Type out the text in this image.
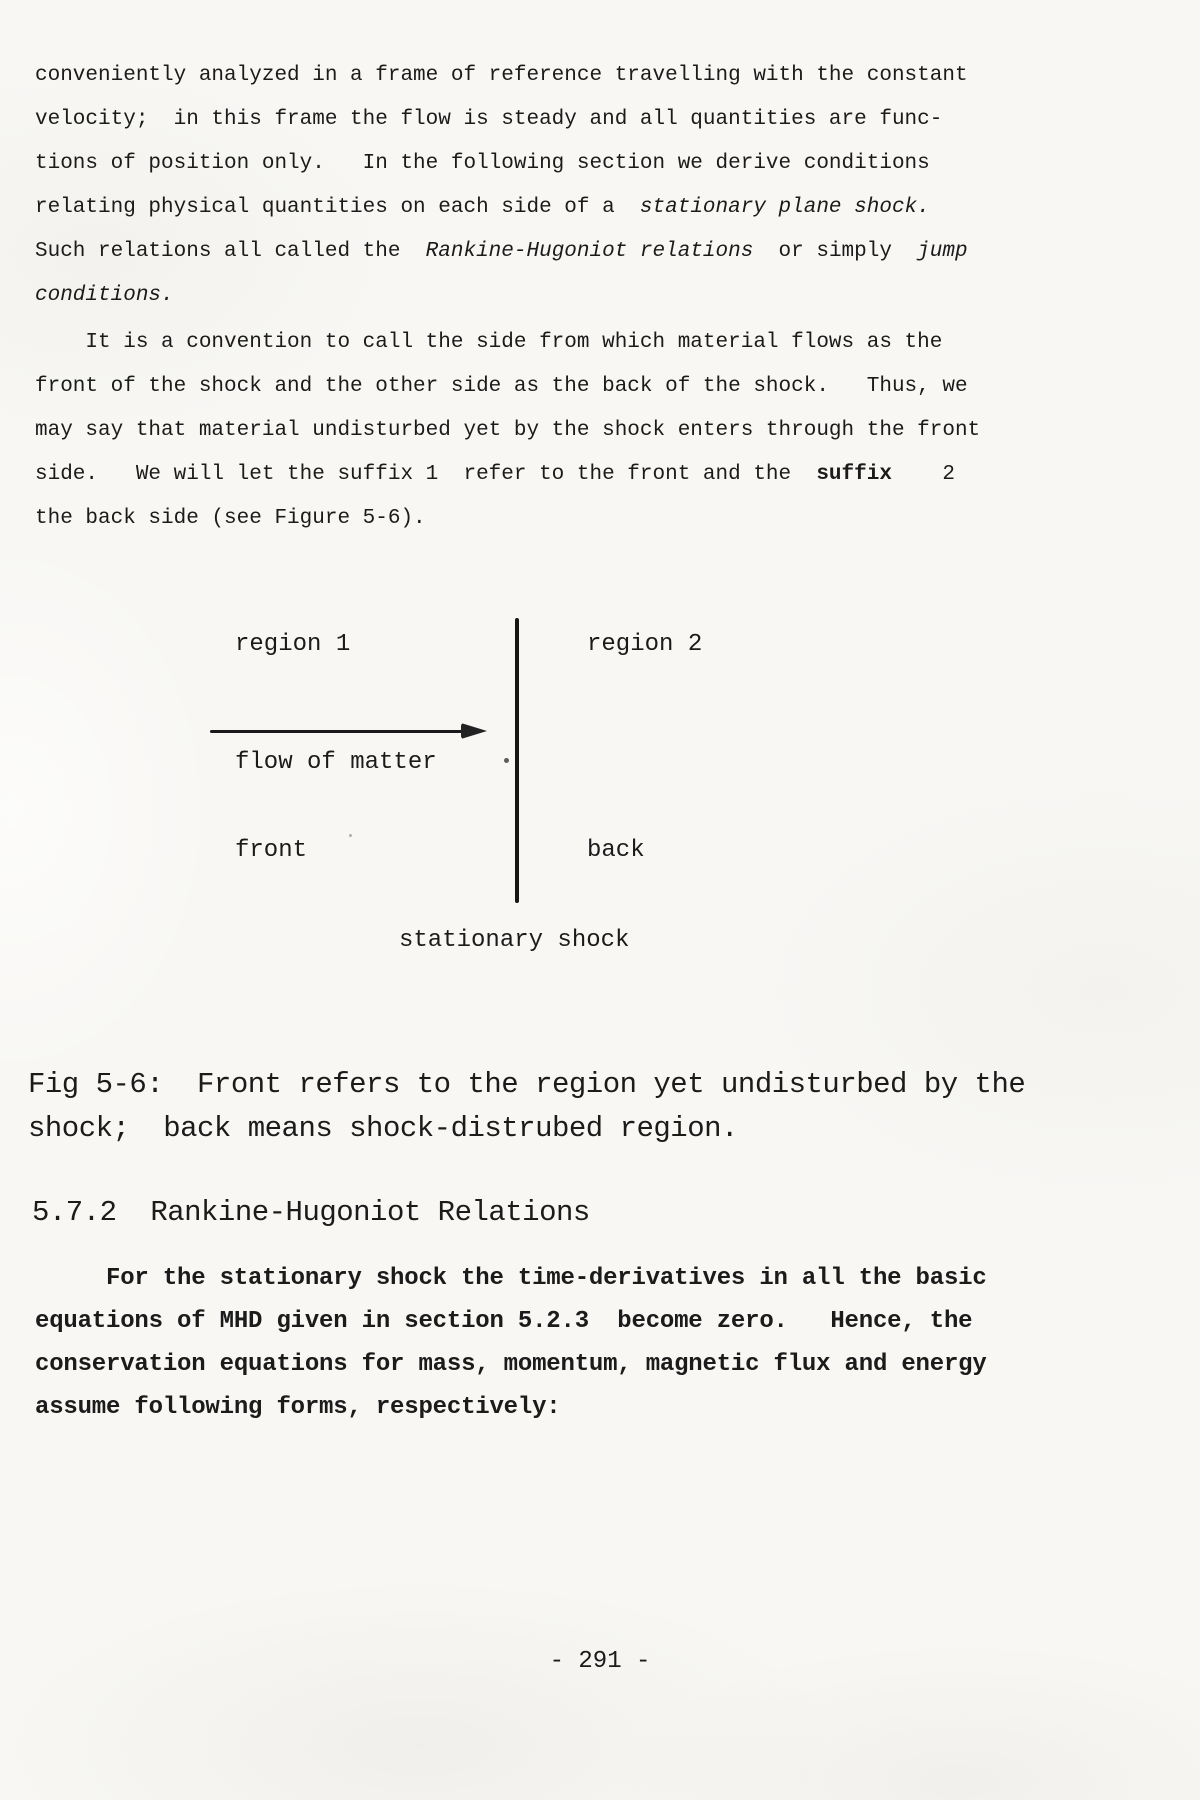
conveniently analyzed in a frame of reference travelling with the constant
velocity;  in this frame the flow is steady and all quantities are func-
tions of position only.   In the following section we derive conditions
relating physical quantities on each side of a  stationary plane shock.
Such relations all called the  Rankine-Hugoniot relations  or simply  jump
conditions.
It is a convention to call the side from which material flows as the
front of the shock and the other side as the back of the shock.   Thus, we
may say that material undisturbed yet by the shock enters through the front
side.   We will let the suffix 1  refer to the front and the  suffix    2
the back side (see Figure 5-6).
region 1	region 2
flow of matter
front	back
stationary shock
Fig 5-6:  Front refers to the region yet undisturbed by the
shock;  back means shock-distrubed region.
5.7.2  Rankine-Hugoniot Relations
For the stationary shock the time-derivatives in all the basic
equations of MHD given in section 5.2.3  become zero.   Hence, the
conservation equations for mass, momentum, magnetic flux and energy
assume following forms, respectively:
- 291 -
